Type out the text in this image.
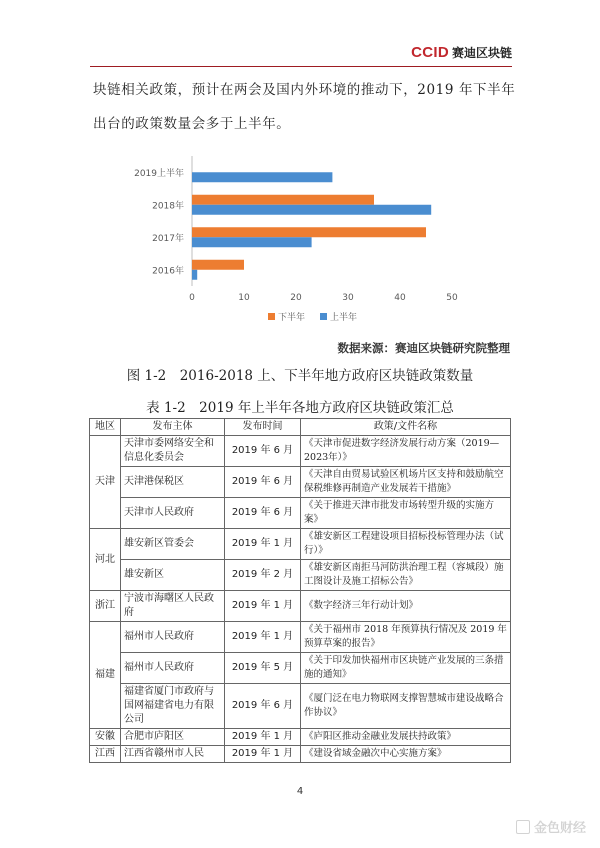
CCID 赛迪区块链
块链相关政策，预计在两会及国内外环境的推动下，2019 年下半年
出台的政策数量会多于上半年。
2016年
2017年
2018年
2019上半年
0	10	20	30	40	50
下半年	上半年
数据来源：赛迪区块链研究院整理
图 1-2　2016-2018 上、下半年地方政府区块链政策数量
表 1-2　2019 年上半年各地方政府区块链政策汇总
地区	发布主体	发布时间	政策/文件名称
天津	天津市委网络安全和信息化委员会	2019 年 6 月	《天津市促进数字经济发展行动方案（2019—2023年）》
	天津港保税区	2019 年 6 月	《天津自由贸易试验区机场片区支持和鼓励航空保税维修再制造产业发展若干措施》
	天津市人民政府	2019 年 6 月	《关于推进天津市批发市场转型升级的实施方案》
河北	雄安新区管委会	2019 年 1 月	《雄安新区工程建设项目招标投标管理办法（试行）》
	雄安新区	2019 年 2 月	《雄安新区南拒马河防洪治理工程（容城段）施工图设计及施工招标公告》
浙江	宁波市海曙区人民政府	2019 年 1 月	《数字经济三年行动计划》
福建	福州市人民政府	2019 年 1 月	《关于福州市 2018 年预算执行情况及 2019 年预算草案的报告》
	福州市人民政府	2019 年 5 月	《关于印发加快福州市区块链产业发展的三条措施的通知》
	福建省厦门市政府与国网福建省电力有限公司	2019 年 6 月	《厦门泛在电力物联网支撑智慧城市建设战略合作协议》
安徽	合肥市庐阳区	2019 年 1 月	《庐阳区推动金融业发展扶持政策》
江西	江西省赣州市人民	2019 年 1 月	《建设省域金融次中心实施方案》
4
金色财经
